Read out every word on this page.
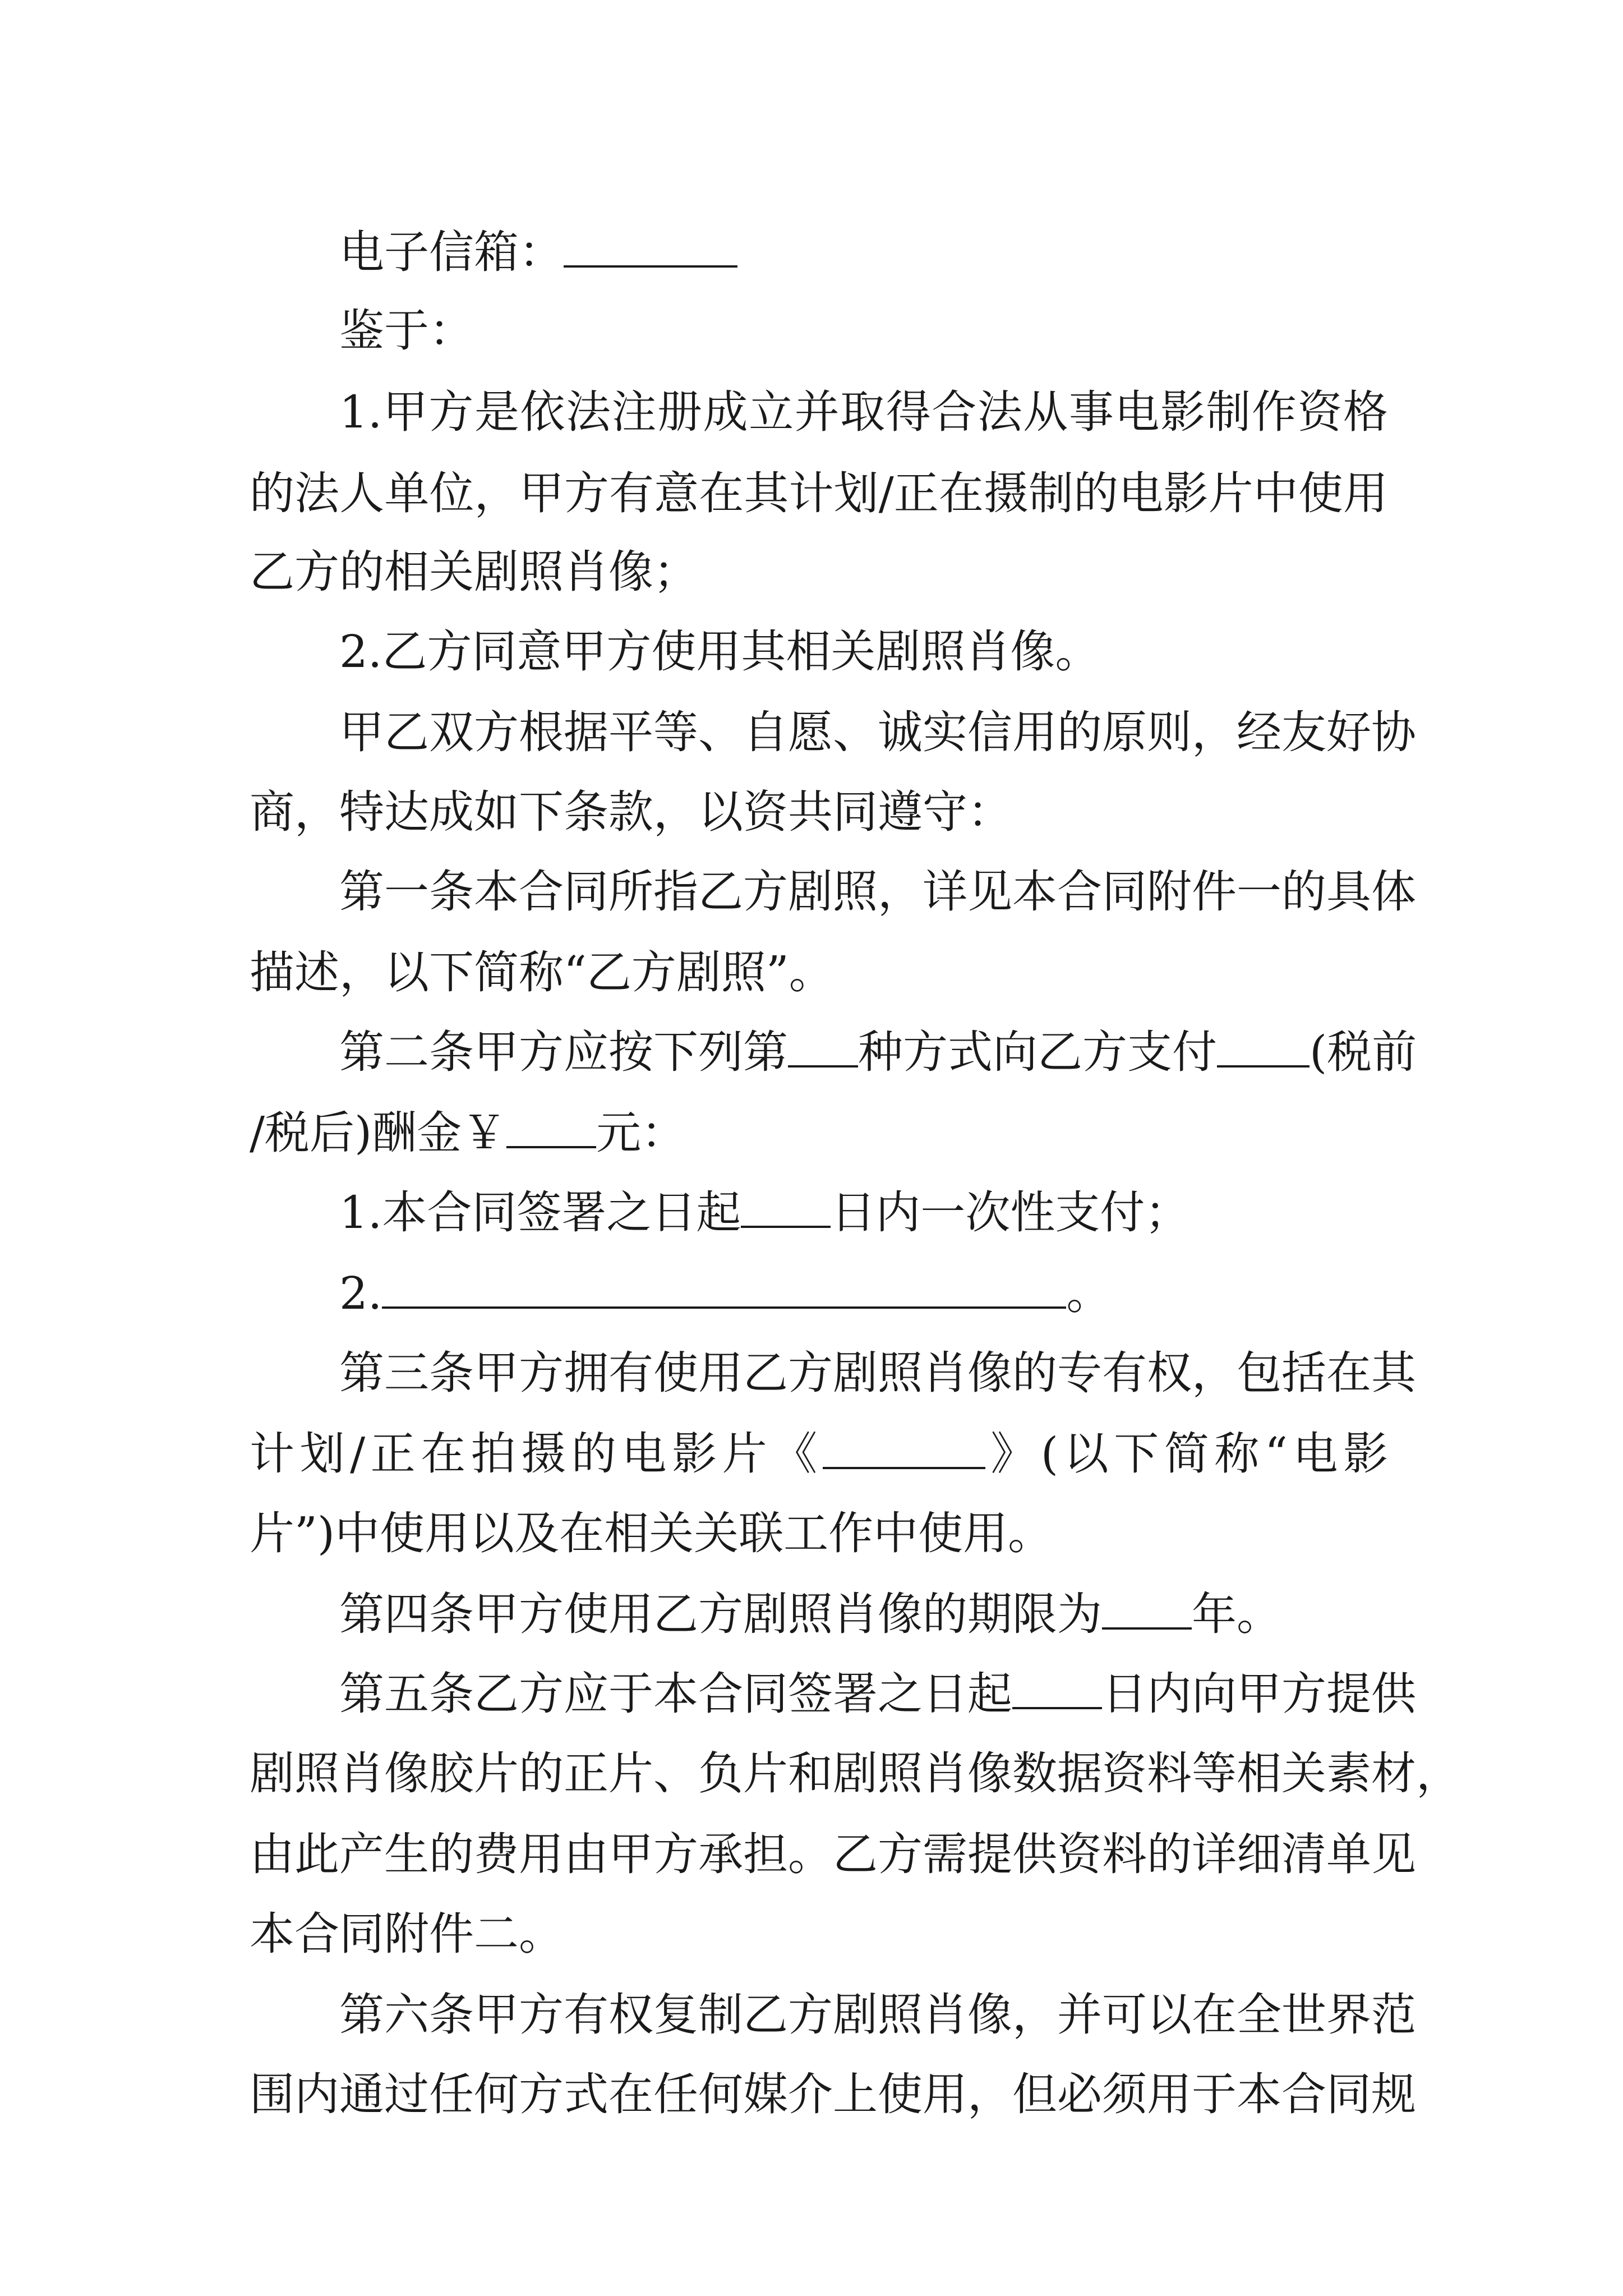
电子信箱：
鉴于：
1.甲方是依法注册成立并取得合法从事电影制作资格
的法人单位，甲方有意在其计划/正在摄制的电影片中使用
乙方的相关剧照肖像；
2.乙方同意甲方使用其相关剧照肖像。
甲乙双方根据平等、自愿、诚实信用的原则，经友好协
商，特达成如下条款，以资共同遵守：
第一条本合同所指乙方剧照，详见本合同附件一的具体
描述，以下简称“乙方剧照”。
第二条甲方应按下列第 种方式向乙方支付 (税前
/税后)酬金￥ 元：
1.本合同签署之日起 日内一次性支付；
2.	。
第三条甲方拥有使用乙方剧照肖像的专有权，包括在其
计划/正在拍摄的电影片《	》(以下简称“电影
片”)中使用以及在相关关联工作中使用。
第四条甲方使用乙方剧照肖像的期限为 年。
第五条乙方应于本合同签署之日起 日内向甲方提供
剧照肖像胶片的正片、负片和剧照肖像数据资料等相关素材，
由此产生的费用由甲方承担。乙方需提供资料的详细清单见
本合同附件二。
第六条甲方有权复制乙方剧照肖像，并可以在全世界范
围内通过任何方式在任何媒介上使用，但必须用于本合同规
